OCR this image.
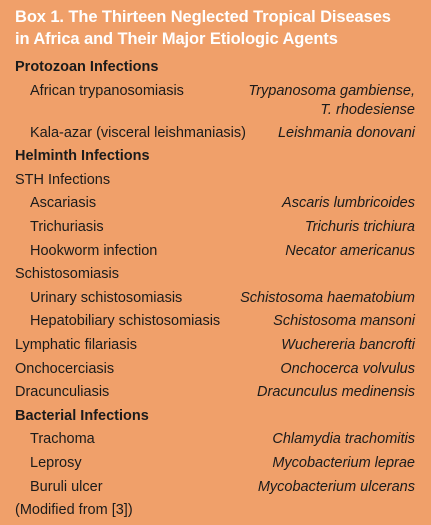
Box 1. The Thirteen Neglected Tropical Diseases
in Africa and Their Major Etiologic Agents
Protozoan Infections
African trypanosomiasis	Trypanosoma gambiense,
T. rhodesiense
Kala-azar (visceral leishmaniasis) Leishmania donovani
Helminth Infections
STH Infections
Ascariasis	Ascaris lumbricoides
Trichuriasis	Trichuris trichiura
Hookworm infection	Necator americanus
Schistosomiasis
Urinary schistosomiasis	Schistosoma haematobium
Hepatobiliary schistosomiasis	Schistosoma mansoni
Lymphatic filariasis	Wuchereria bancrofti
Onchocerciasis	Onchocerca volvulus
Dracunculiasis	Dracunculus medinensis
Bacterial Infections
Trachoma	Chlamydia trachomitis
Leprosy	Mycobacterium leprae
Buruli ulcer	Mycobacterium ulcerans
(Modified from [3])
